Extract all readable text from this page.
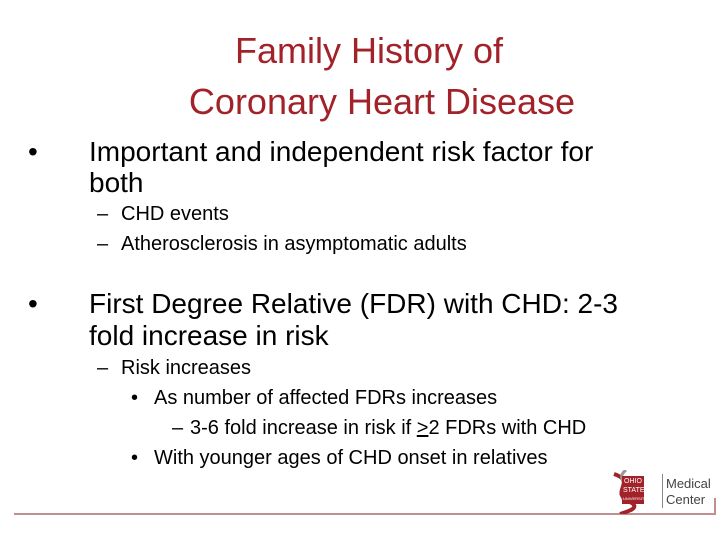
Family History of
Coronary Heart Disease
• Important and independent risk factor for
both
– CHD events
– Atherosclerosis in asymptomatic adults
• First Degree Relative (FDR) with CHD: 2-3
fold increase in risk
– Risk increases
• As number of affected FDRs increases
– 3-6 fold increase in risk if >2 FDRs with CHD
• With younger ages of CHD onset in relatives
OHIO
STATE
UNIVERSITY
Medical
Center
